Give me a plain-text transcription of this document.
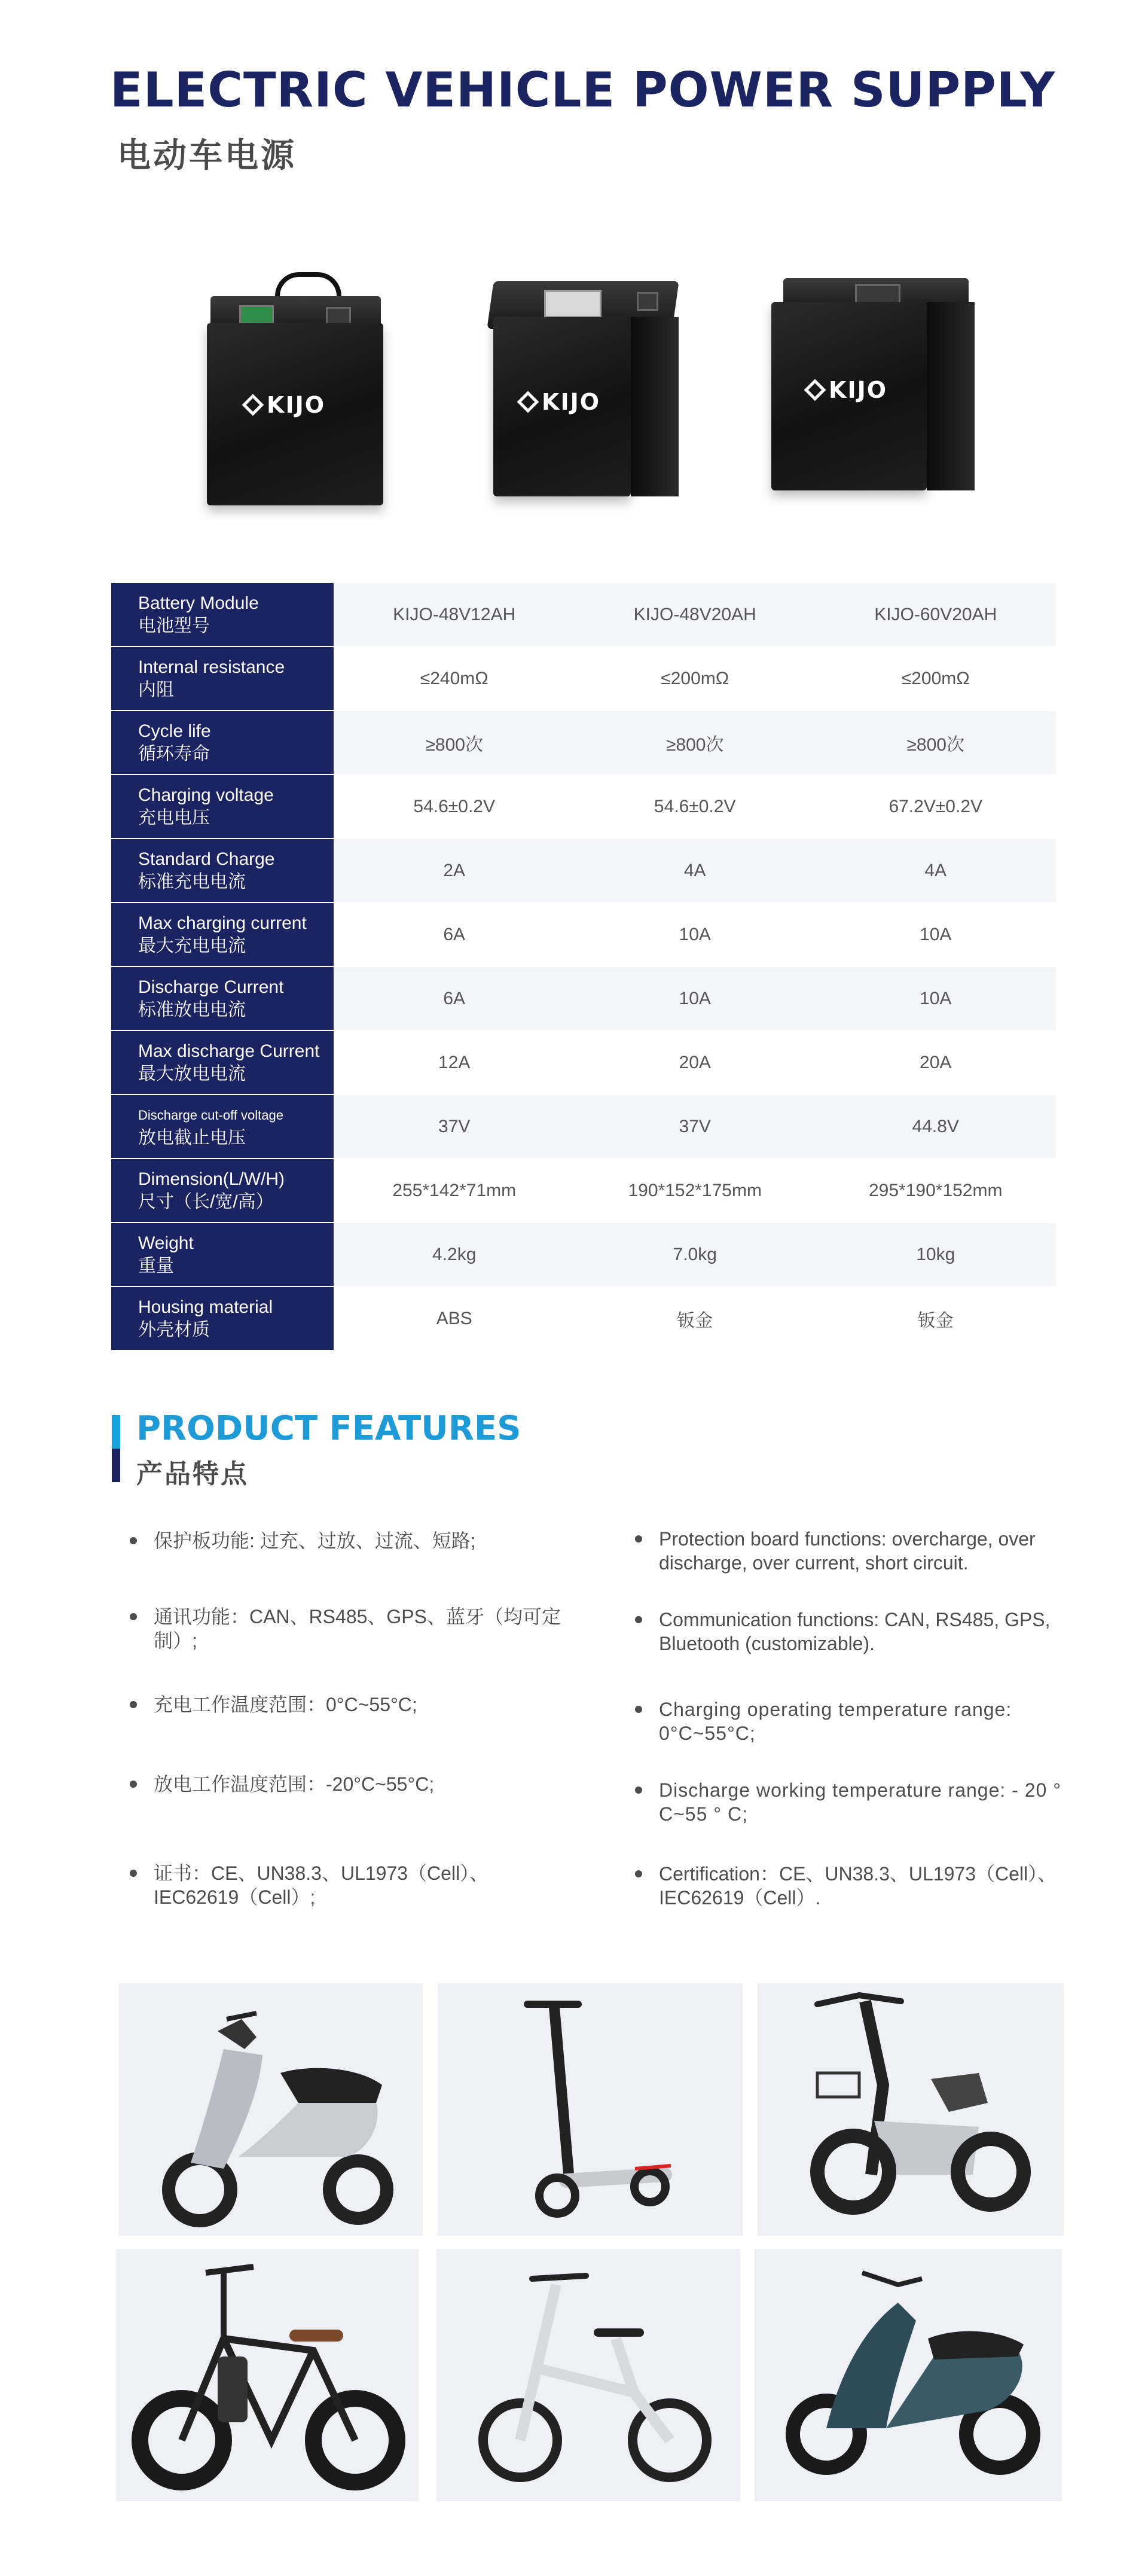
ELECTRIC VEHICLE POWER SUPPLY
电动车电源
KIJO	KIJO	KIJO
Battery Module
电池型号	KIJO-48V12AH	KIJO-48V20AH	KIJO-60V20AH

Internal resistance
内阻	≤240mΩ	≤200mΩ	≤200mΩ

Cycle life
循环寿命	≥800次	≥800次	≥800次

Charging voltage
充电电压	54.6±0.2V	54.6±0.2V	67.2V±0.2V

Standard Charge
标准充电电流	2A	4A	4A

Max charging current
最大充电电流	6A	10A	10A

Discharge Current
标准放电电流	6A	10A	10A

Max discharge Current
最大放电电流	12A	20A	20A

Discharge cut-off voltage
放电截止电压	37V	37V	44.8V

Dimension(L/W/H)
尺寸（长/宽/高）	255*142*71mm	190*152*175mm	295*190*152mm

Weight
重量	4.2kg	7.0kg	10kg

Housing material
外壳材质	ABS	钣金	钣金
PRODUCT FEATURES
产品特点
保护板功能: 过充、过放、过流、短路;
通讯功能：CAN、RS485、GPS、蓝牙（均可定制）;
充电工作温度范围：0°C~55°C;
放电工作温度范围：-20°C~55°C;
证书：CE、UN38.3、UL1973（Cell）、IEC62619（Cell）;
Protection board functions: overcharge, over discharge, over current, short circuit.
Communication functions: CAN, RS485, GPS, Bluetooth (customizable).
Charging operating temperature range: 0°C~55°C;
Discharge working temperature range: - 20 ° C~55 ° C;
Certification：CE、UN38.3、UL1973（Cell）、IEC62619（Cell）.
